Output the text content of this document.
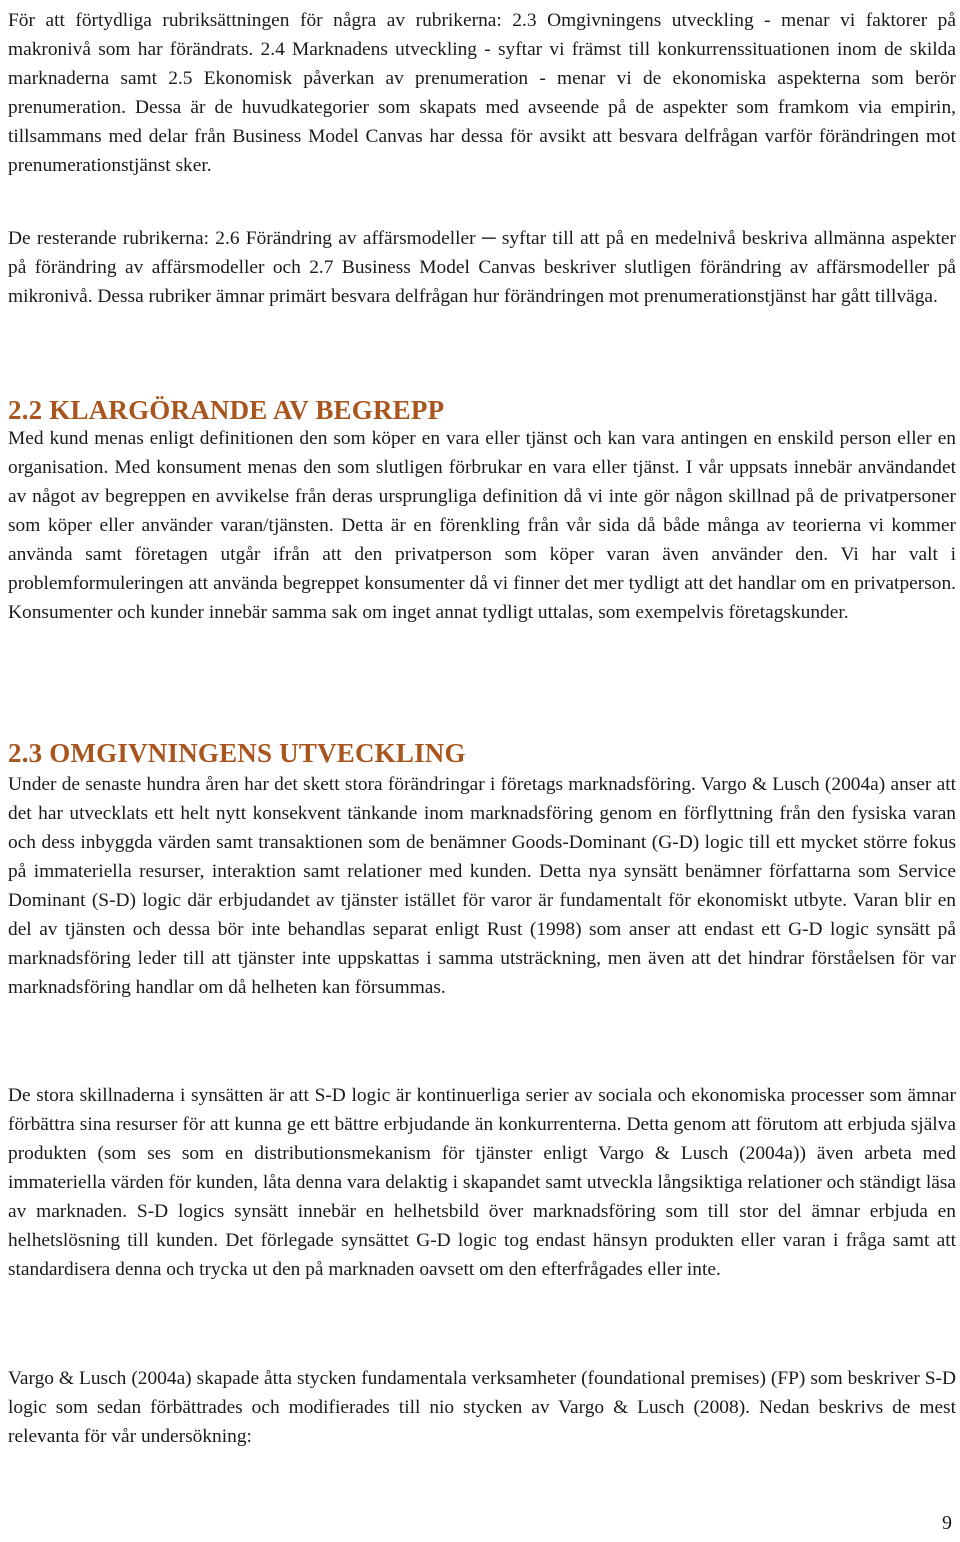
För att förtydliga rubriksättningen för några av rubrikerna: 2.3 Omgivningens utveckling - menar vi faktorer på makronivå som har förändrats. 2.4 Marknadens utveckling - syftar vi främst till konkurrenssituationen inom de skilda marknaderna samt 2.5 Ekonomisk påverkan av prenumeration - menar vi de ekonomiska aspekterna som berör prenumeration. Dessa är de huvudkategorier som skapats med avseende på de aspekter som framkom via empirin, tillsammans med delar från Business Model Canvas har dessa för avsikt att besvara delfrågan varför förändringen mot prenumerationstjänst sker.

De resterande rubrikerna: 2.6 Förändring av affärsmodeller ─ syftar till att på en medelnivå beskriva allmänna aspekter på förändring av affärsmodeller och 2.7 Business Model Canvas beskriver slutligen förändring av affärsmodeller på mikronivå. Dessa rubriker ämnar primärt besvara delfrågan hur förändringen mot prenumerationstjänst har gått tillväga.

2.2 KLARGÖRANDE AV BEGREPP

Med kund menas enligt definitionen den som köper en vara eller tjänst och kan vara antingen en enskild person eller en organisation. Med konsument menas den som slutligen förbrukar en vara eller tjänst. I vår uppsats innebär användandet av något av begreppen en avvikelse från deras ursprungliga definition då vi inte gör någon skillnad på de privatpersoner som köper eller använder varan/tjänsten. Detta är en förenkling från vår sida då både många av teorierna vi kommer använda samt företagen utgår ifrån att den privatperson som köper varan även använder den. Vi har valt i problemformuleringen att använda begreppet konsumenter då vi finner det mer tydligt att det handlar om en privatperson. Konsumenter och kunder innebär samma sak om inget annat tydligt uttalas, som exempelvis företagskunder.

2.3 OMGIVNINGENS UTVECKLING

Under de senaste hundra åren har det skett stora förändringar i företags marknadsföring. Vargo & Lusch (2004a) anser att det har utvecklats ett helt nytt konsekvent tänkande inom marknadsföring genom en förflyttning från den fysiska varan och dess inbyggda värden samt transaktionen som de benämner Goods-Dominant (G-D) logic till ett mycket större fokus på immateriella resurser, interaktion samt relationer med kunden. Detta nya synsätt benämner författarna som Service Dominant (S-D) logic där erbjudandet av tjänster istället för varor är fundamentalt för ekonomiskt utbyte. Varan blir en del av tjänsten och dessa bör inte behandlas separat enligt Rust (1998) som anser att endast ett G-D logic synsätt på marknadsföring leder till att tjänster inte uppskattas i samma utsträckning, men även att det hindrar förståelsen för var marknadsföring handlar om då helheten kan försummas.

De stora skillnaderna i synsätten är att S-D logic är kontinuerliga serier av sociala och ekonomiska processer som ämnar förbättra sina resurser för att kunna ge ett bättre erbjudande än konkurrenterna. Detta genom att förutom att erbjuda själva produkten (som ses som en distributionsmekanism för tjänster enligt Vargo & Lusch (2004a)) även arbeta med immateriella värden för kunden, låta denna vara delaktig i skapandet samt utveckla långsiktiga relationer och ständigt läsa av marknaden. S-D logics synsätt innebär en helhetsbild över marknadsföring som till stor del ämnar erbjuda en helhetslösning till kunden. Det förlegade synsättet G-D logic tog endast hänsyn produkten eller varan i fråga samt att standardisera denna och trycka ut den på marknaden oavsett om den efterfrågades eller inte.

Vargo & Lusch (2004a) skapade åtta stycken fundamentala verksamheter (foundational premises) (FP) som beskriver S-D logic som sedan förbättrades och modifierades till nio stycken av Vargo & Lusch (2008). Nedan beskrivs de mest relevanta för vår undersökning:

9
